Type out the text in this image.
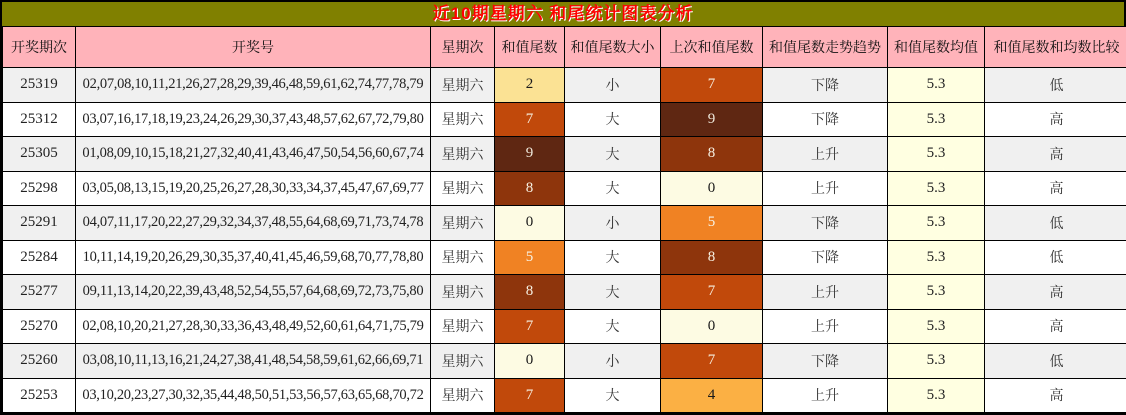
近10期星期六 和尾统计图表分析
开奖期次	开奖号	星期次	和值尾数	和值尾数大小	上次和值尾数	和值尾数走势趋势	和值尾数均值	和值尾数和均数比较
25319	02,07,08,10,11,21,26,27,28,29,39,46,48,59,61,62,74,77,78,79	星期六	2	小	7	下降	5.3	低
25312	03,07,16,17,18,19,23,24,26,29,30,37,43,48,57,62,67,72,79,80	星期六	7	大	9	下降	5.3	高
25305	01,08,09,10,15,18,21,27,32,40,41,43,46,47,50,54,56,60,67,74	星期六	9	大	8	上升	5.3	高
25298	03,05,08,13,15,19,20,25,26,27,28,30,33,34,37,45,47,67,69,77	星期六	8	大	0	上升	5.3	高
25291	04,07,11,17,20,22,27,29,32,34,37,48,55,64,68,69,71,73,74,78	星期六	0	小	5	下降	5.3	低
25284	10,11,14,19,20,26,29,30,35,37,40,41,45,46,59,68,70,77,78,80	星期六	5	大	8	下降	5.3	低
25277	09,11,13,14,20,22,39,43,48,52,54,55,57,64,68,69,72,73,75,80	星期六	8	大	7	上升	5.3	高
25270	02,08,10,20,21,27,28,30,33,36,43,48,49,52,60,61,64,71,75,79	星期六	7	大	0	上升	5.3	高
25260	03,08,10,11,13,16,21,24,27,38,41,48,54,58,59,61,62,66,69,71	星期六	0	小	7	下降	5.3	低
25253	03,10,20,23,27,30,32,35,44,48,50,51,53,56,57,63,65,68,70,72	星期六	7	大	4	上升	5.3	高
